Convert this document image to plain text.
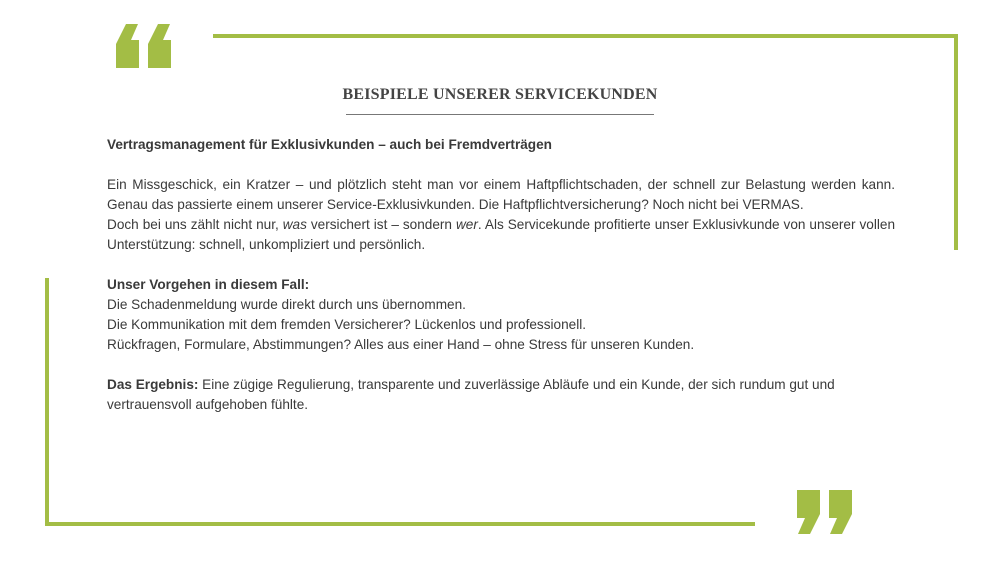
BEISPIELE UNSERER SERVICEKUNDEN

Vertragsmanagement für Exklusivkunden – auch bei Fremdverträgen

Ein Missgeschick, ein Kratzer – und plötzlich steht man vor einem Haftpflichtschaden, der schnell zur Belastung werden kann. Genau das passierte einem unserer Service-Exklusivkunden. Die Haftpflichtversicherung? Noch nicht bei VERMAS.

Doch bei uns zählt nicht nur, was versichert ist – sondern wer. Als Servicekunde profitierte unser Exklusivkunde von unserer vollen Unterstützung: schnell, unkompliziert und persönlich.

Unser Vorgehen in diesem Fall:

Die Schadenmeldung wurde direkt durch uns übernommen.

Die Kommunikation mit dem fremden Versicherer? Lückenlos und professionell.

Rückfragen, Formulare, Abstimmungen? Alles aus einer Hand – ohne Stress für unseren Kunden.

Das Ergebnis: Eine zügige Regulierung, transparente und zuverlässige Abläufe und ein Kunde, der sich rundum gut und vertrauensvoll aufgehoben fühlte.
